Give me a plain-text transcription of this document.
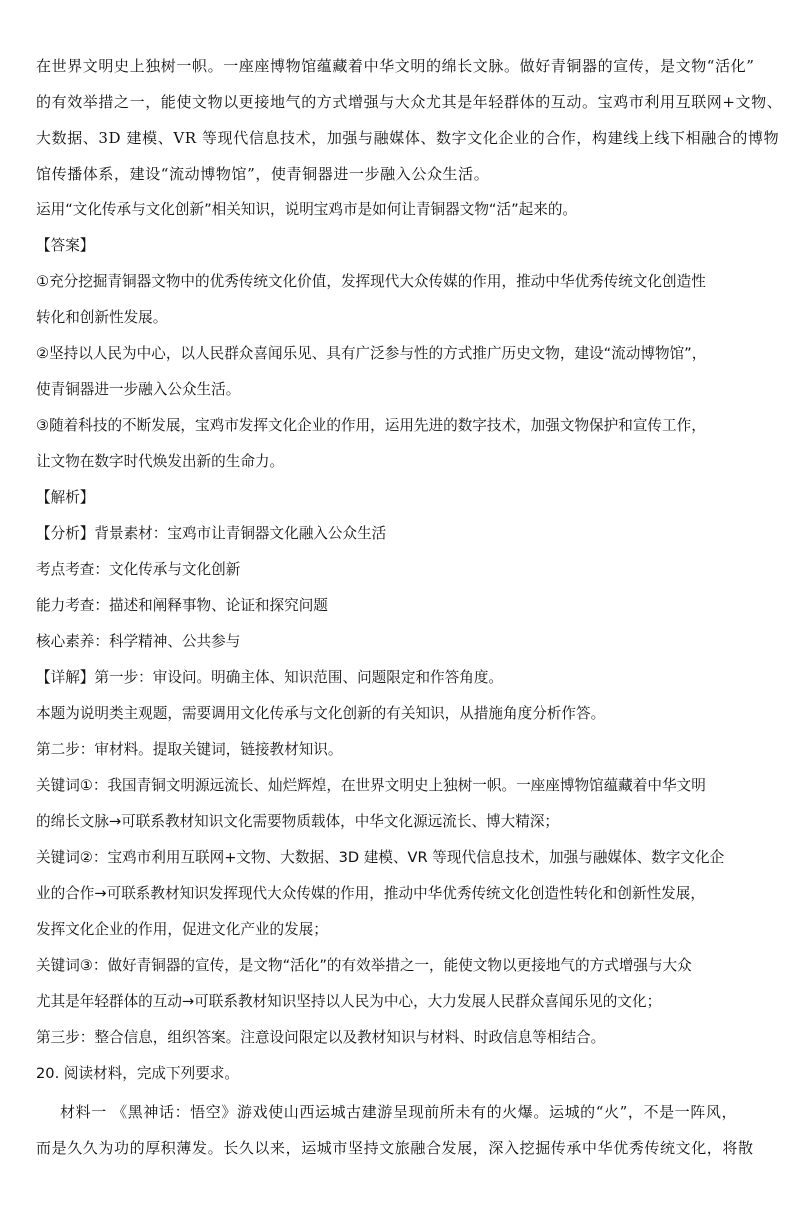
在世界文明史上独树一帜。一座座博物馆蕴藏着中华文明的绵长文脉。做好青铜器的宣传，是文物“活化”
的有效举措之一，能使文物以更接地气的方式增强与大众尤其是年轻群体的互动。宝鸡市利用互联网+文物、
大数据、3D 建模、VR 等现代信息技术，加强与融媒体、数字文化企业的合作，构建线上线下相融合的博物
馆传播体系，建设“流动博物馆”，使青铜器进一步融入公众生活。
运用“文化传承与文化创新”相关知识，说明宝鸡市是如何让青铜器文物“活”起来的。
【答案】
①充分挖掘青铜器文物中的优秀传统文化价值，发挥现代大众传媒的作用，推动中华优秀传统文化创造性
转化和创新性发展。
②坚持以人民为中心，以人民群众喜闻乐见、具有广泛参与性的方式推广历史文物，建设“流动博物馆”，
使青铜器进一步融入公众生活。
③随着科技的不断发展，宝鸡市发挥文化企业的作用，运用先进的数字技术，加强文物保护和宣传工作，
让文物在数字时代焕发出新的生命力。
【解析】
【分析】背景素材：宝鸡市让青铜器文化融入公众生活
考点考查：文化传承与文化创新
能力考查：描述和阐释事物、论证和探究问题
核心素养：科学精神、公共参与
【详解】第一步：审设问。明确主体、知识范围、问题限定和作答角度。
本题为说明类主观题，需要调用文化传承与文化创新的有关知识，从措施角度分析作答。
第二步：审材料。提取关键词，链接教材知识。
关键词①：我国青铜文明源远流长、灿烂辉煌，在世界文明史上独树一帜。一座座博物馆蕴藏着中华文明
的绵长文脉→可联系教材知识文化需要物质载体，中华文化源远流长、博大精深；
关键词②：宝鸡市利用互联网+文物、大数据、3D 建模、VR 等现代信息技术，加强与融媒体、数字文化企
业的合作→可联系教材知识发挥现代大众传媒的作用，推动中华优秀传统文化创造性转化和创新性发展，
发挥文化企业的作用，促进文化产业的发展；
关键词③：做好青铜器的宣传，是文物“活化”的有效举措之一，能使文物以更接地气的方式增强与大众
尤其是年轻群体的互动→可联系教材知识坚持以人民为中心，大力发展人民群众喜闻乐见的文化；
第三步：整合信息，组织答案。注意设问限定以及教材知识与材料、时政信息等相结合。
20. 阅读材料，完成下列要求。
材料一 《黑神话：悟空》游戏使山西运城古建游呈现前所未有的火爆。运城的“火”，不是一阵风，
而是久久为功的厚积薄发。长久以来，运城市坚持文旅融合发展，深入挖掘传承中华优秀传统文化，将散
